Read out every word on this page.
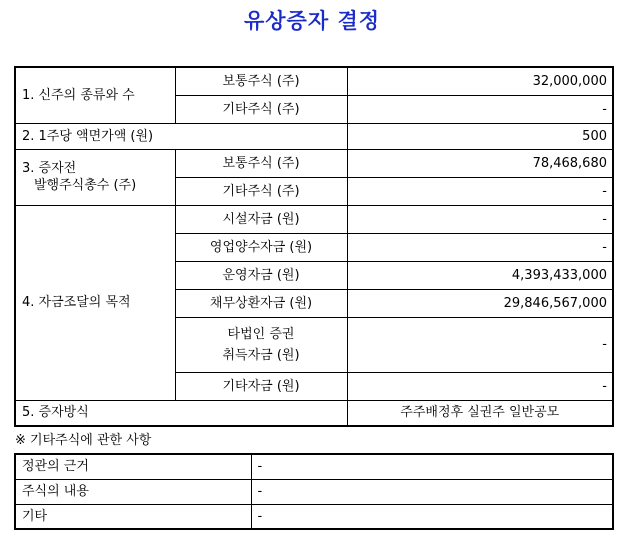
유상증자 결정
1. 신주의 종류와 수	보통주식 (주)	32,000,000
	기타주식 (주)	-
2. 1주당 액면가액 (원)		500

3. 증자전
발행주식총수 (주)	보통주식 (주)	78,468,680
	기타주식 (주)	-
4. 자금조달의 목적	시설자금 (원)	-
	영업양수자금 (원)	-
	운영자금 (원)	4,393,433,000
	채무상환자금 (원)	29,846,567,000

	타법인 증권
취득자금 (원)	-
	기타자금 (원)	-
5. 증자방식		주주배정후 실권주 일반공모
※ 기타주식에 관한 사항
정관의 근거	-
주식의 내용	-
기타	-
